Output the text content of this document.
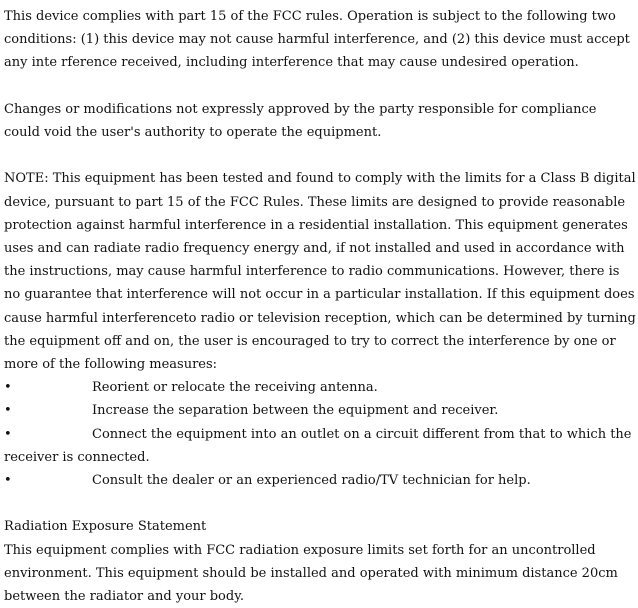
This device complies with part 15 of the FCC rules. Operation is subject to the following two conditions: (1) this device may not cause harmful interference, and (2) this device must accept any inte rference received, including interference that may cause undesired operation.

Changes or modifications not expressly approved by the party responsible for compliance could void the user's authority to operate the equipment.

NOTE: This equipment has been tested and found to comply with the limits for a Class B digital device, pursuant to part 15 of the FCC Rules. These limits are designed to provide reasonable protection against harmful interference in a residential installation. This equipment generates uses and can radiate radio frequency energy and, if not installed and used in accordance with the instructions, may cause harmful interference to radio communications. However, there is no guarantee that interference will not occur in a particular installation. If this equipment does cause harmful interferenceto radio or television reception, which can be determined by turning the equipment off and on, the user is encouraged to try to correct the interference by one or more of the following measures:

•	Reorient or relocate the receiving antenna.
•	Increase the separation between the equipment and receiver.
•	Connect the equipment into an outlet on a circuit different from that to which the receiver is connected.
•	Consult the dealer or an experienced radio/TV technician for help.

Radiation Exposure Statement

This equipment complies with FCC radiation exposure limits set forth for an uncontrolled environment. This equipment should be installed and operated with minimum distance 20cm between the radiator and your body.
